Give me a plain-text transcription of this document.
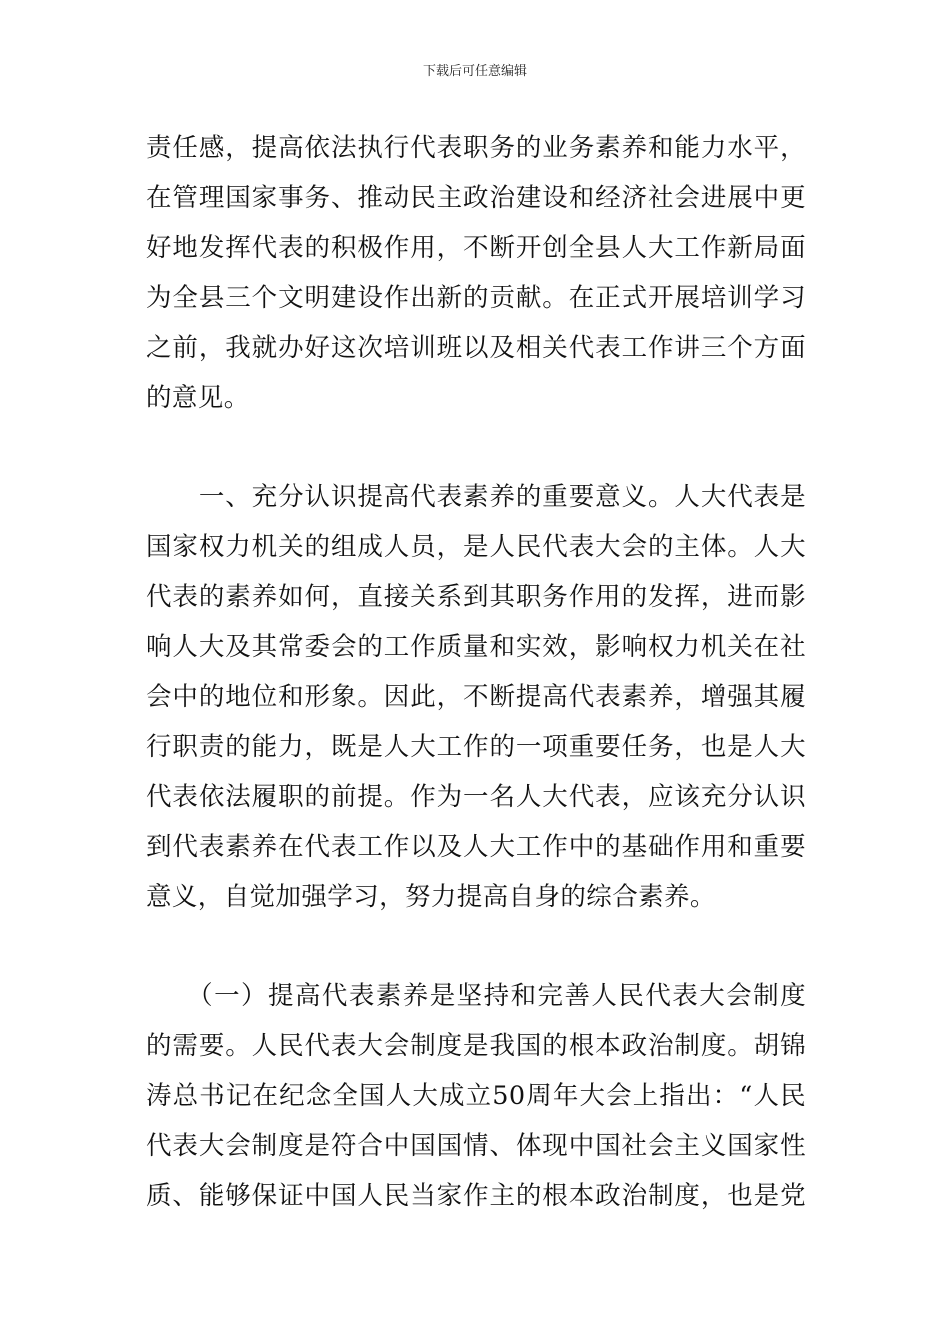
下载后可任意编辑
责任感，提高依法执行代表职务的业务素养和能力水平，
在管理国家事务、推动民主政治建设和经济社会进展中更
好地发挥代表的积极作用，不断开创全县人大工作新局面
为全县三个文明建设作出新的贡献。在正式开展培训学习
之前，我就办好这次培训班以及相关代表工作讲三个方面
的意见。
　　一、充分认识提高代表素养的重要意义。人大代表是
国家权力机关的组成人员，是人民代表大会的主体。人大
代表的素养如何，直接关系到其职务作用的发挥，进而影
响人大及其常委会的工作质量和实效，影响权力机关在社
会中的地位和形象。因此，不断提高代表素养，增强其履
行职责的能力，既是人大工作的一项重要任务，也是人大
代表依法履职的前提。作为一名人大代表，应该充分认识
到代表素养在代表工作以及人大工作中的基础作用和重要
意义，自觉加强学习，努力提高自身的综合素养。
　　（一）提高代表素养是坚持和完善人民代表大会制度
的需要。人民代表大会制度是我国的根本政治制度。胡锦
涛总书记在纪念全国人大成立50周年大会上指出：“人民
代表大会制度是符合中国国情、体现中国社会主义国家性
质、能够保证中国人民当家作主的根本政治制度，也是党
